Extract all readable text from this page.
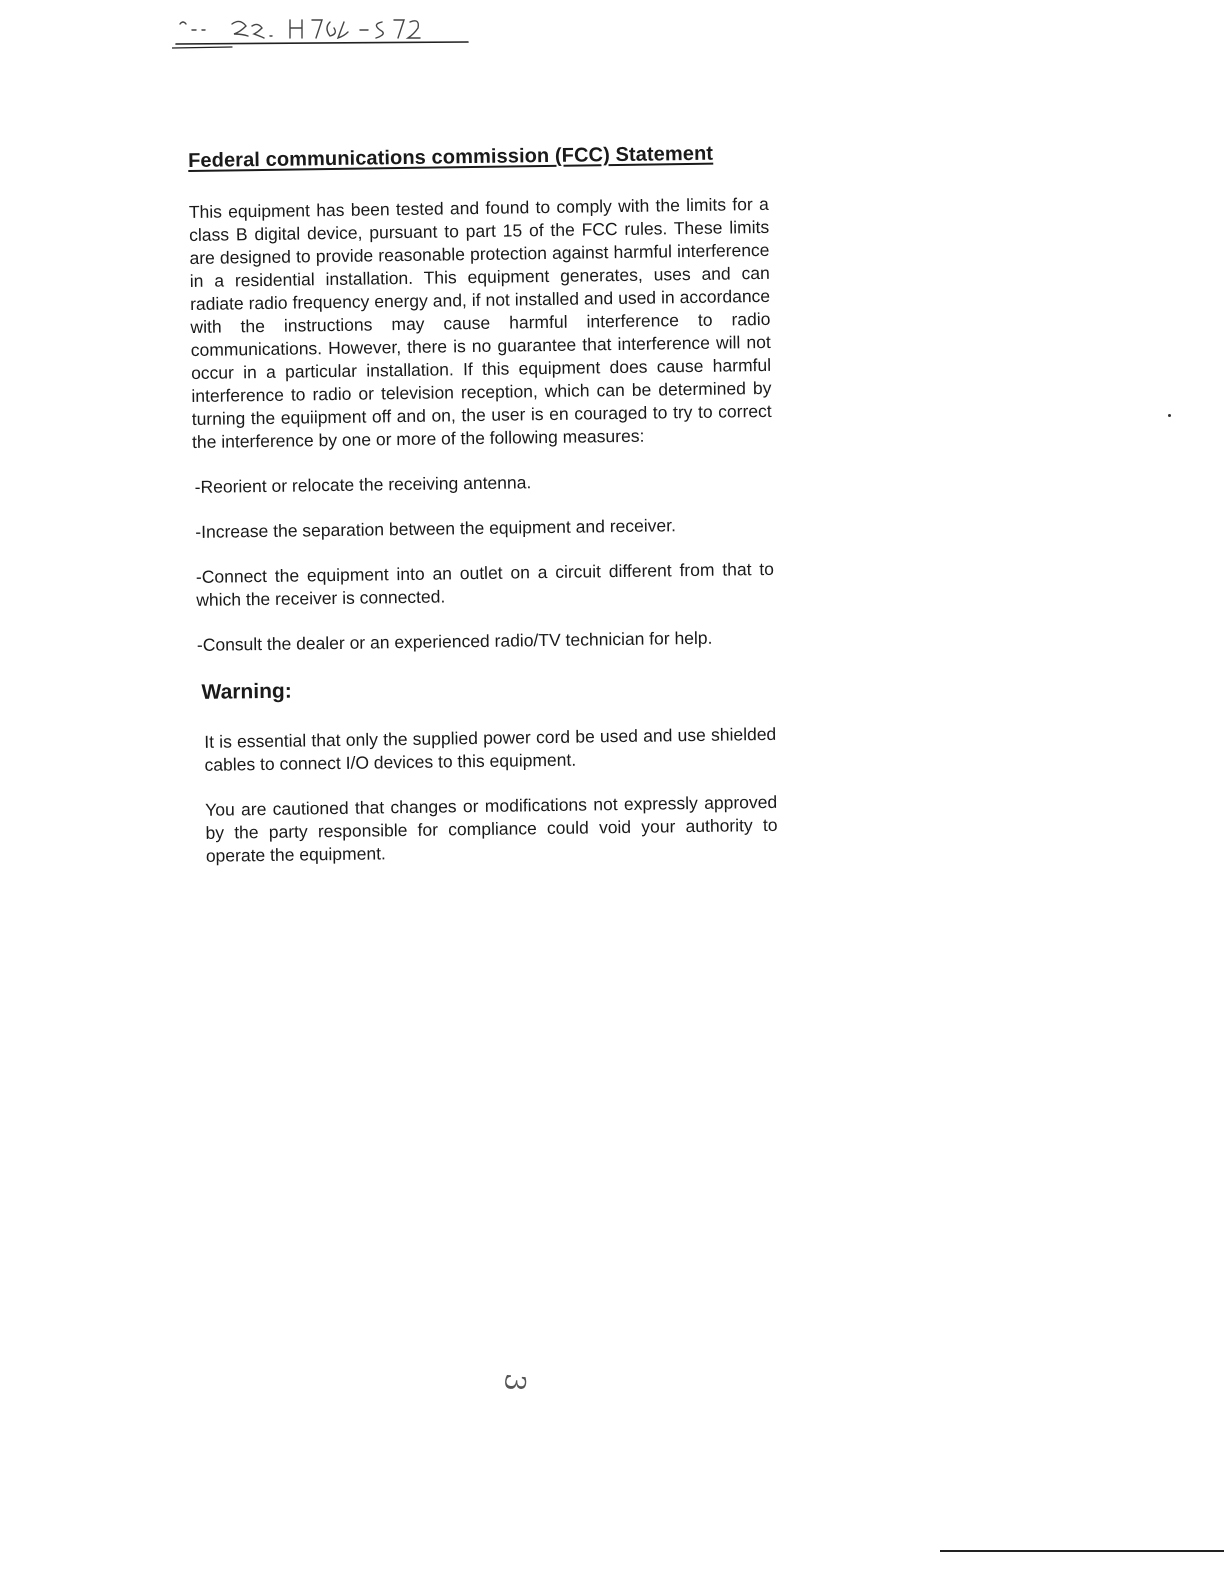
Federal communications commission (FCC) Statement

This equipment has been tested and found to comply with the limits for a class B digital device, pursuant to part 15 of the FCC rules. These limits are designed to provide reasonable protection against harmful interference in a residential installation. This equipment generates, uses and can radiate radio frequency energy and, if not installed and used in accordance with the instructions may cause harmful interference to radio communications. However, there is no guarantee that interference will not occur in a particular installation. If this equipment does cause harmful interference to radio or television reception, which can be determined by turning the equiipment off and on, the user is en couraged to try to correct the interference by one or more of the following measures:

-Reorient or relocate the receiving antenna.

-Increase the separation between the equipment and receiver.

-Connect the equipment into an outlet on a circuit different from that to which the receiver is connected.

-Consult the dealer or an experienced radio/TV technician for help.

Warning:

It is essential that only the supplied power cord be used and use shielded cables to connect I/O devices to this equipment.

You are cautioned that changes or modifications not expressly approved by the party responsible for compliance could void your authority to operate the equipment.

3
